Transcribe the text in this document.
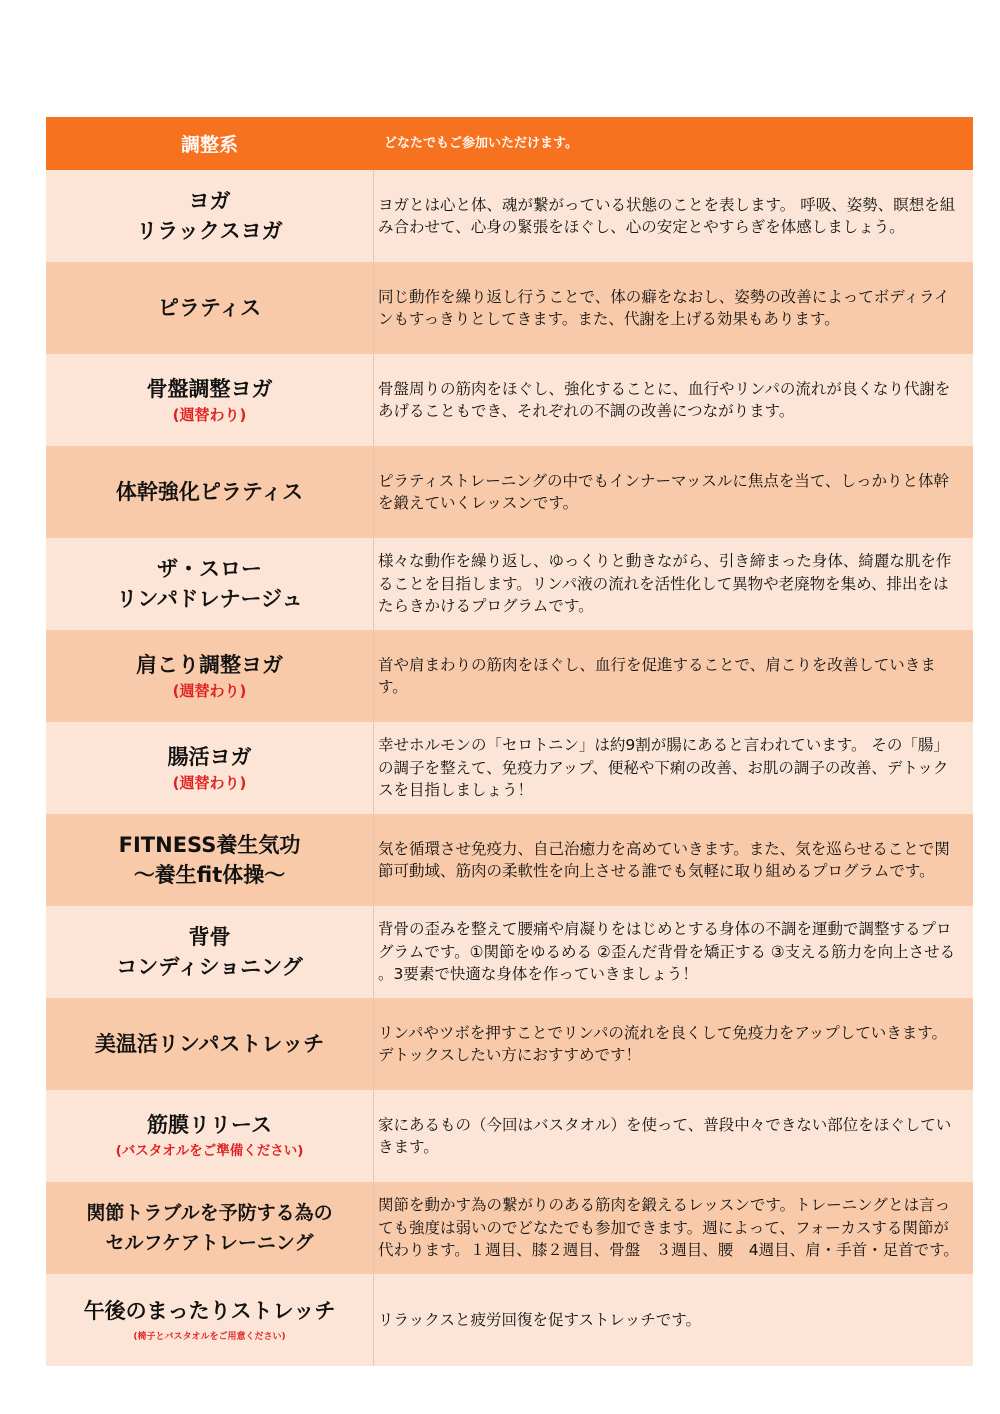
調整系	どなたでもご参加いただけます。

ヨガ
リラックスヨガ	ヨガとは心と体、魂が繋がっている状態のことを表します。 呼吸、姿勢、瞑想を組み合わせて、心身の緊張をほぐし、心の安定とやすらぎを体感しましょう。

ピラティス	同じ動作を繰り返し行うことで、体の癖をなおし、姿勢の改善によってボディラインもすっきりとしてきます。また、代謝を上げる効果もあります。

骨盤調整ヨガ
(週替わり)	骨盤周りの筋肉をほぐし、強化することに、血行やリンパの流れが良くなり代謝をあげることもでき、それぞれの不調の改善につながります。

体幹強化ピラティス	ピラティストレーニングの中でもインナーマッスルに焦点を当て、しっかりと体幹を鍛えていくレッスンです。

ザ・スロー
リンパドレナージュ	様々な動作を繰り返し、ゆっくりと動きながら、引き締まった身体、綺麗な肌を作ることを目指します。リンパ液の流れを活性化して異物や老廃物を集め、排出をはたらきかけるプログラムです。

肩こり調整ヨガ
(週替わり)	首や肩まわりの筋肉をほぐし、血行を促進することで、肩こりを改善していきます。

腸活ヨガ
(週替わり)	幸せホルモンの「セロトニン」は約9割が腸にあると言われています。 その「腸」の調子を整えて、免疫力アップ、便秘や下痢の改善、お肌の調子の改善、デトックスを目指しましょう！

FITNESS養生気功
～養生fit体操～	気を循環させ免疫力、自己治癒力を高めていきます。また、気を巡らせることで関節可動域、筋肉の柔軟性を向上させる誰でも気軽に取り組めるプログラムです。

背骨
コンディショニング	背骨の歪みを整えて腰痛や肩凝りをはじめとする身体の不調を運動で調整するプログラムです。①関節をゆるめる ②歪んだ背骨を矯正する ③支える筋力を向上させる 。3要素で快適な身体を作っていきましょう！

美温活リンパストレッチ	リンパやツボを押すことでリンパの流れを良くして免疫力をアップしていきます。デトックスしたい方におすすめです！

筋膜リリース
(バスタオルをご準備ください)	家にあるもの（今回はバスタオル）を使って、普段中々できない部位をほぐしていきます。

関節トラブルを予防する為の
セルフケアトレーニング	関節を動かす為の繋がりのある筋肉を鍛えるレッスンです。トレーニングとは言っても強度は弱いのでどなたでも参加できます。週によって、フォーカスする関節が代わります。１週目、膝２週目、骨盤　３週目、腰　4週目、肩・手首・足首です。

午後のまったりストレッチ
(椅子とバスタオルをご用意ください)	リラックスと疲労回復を促すストレッチです。
